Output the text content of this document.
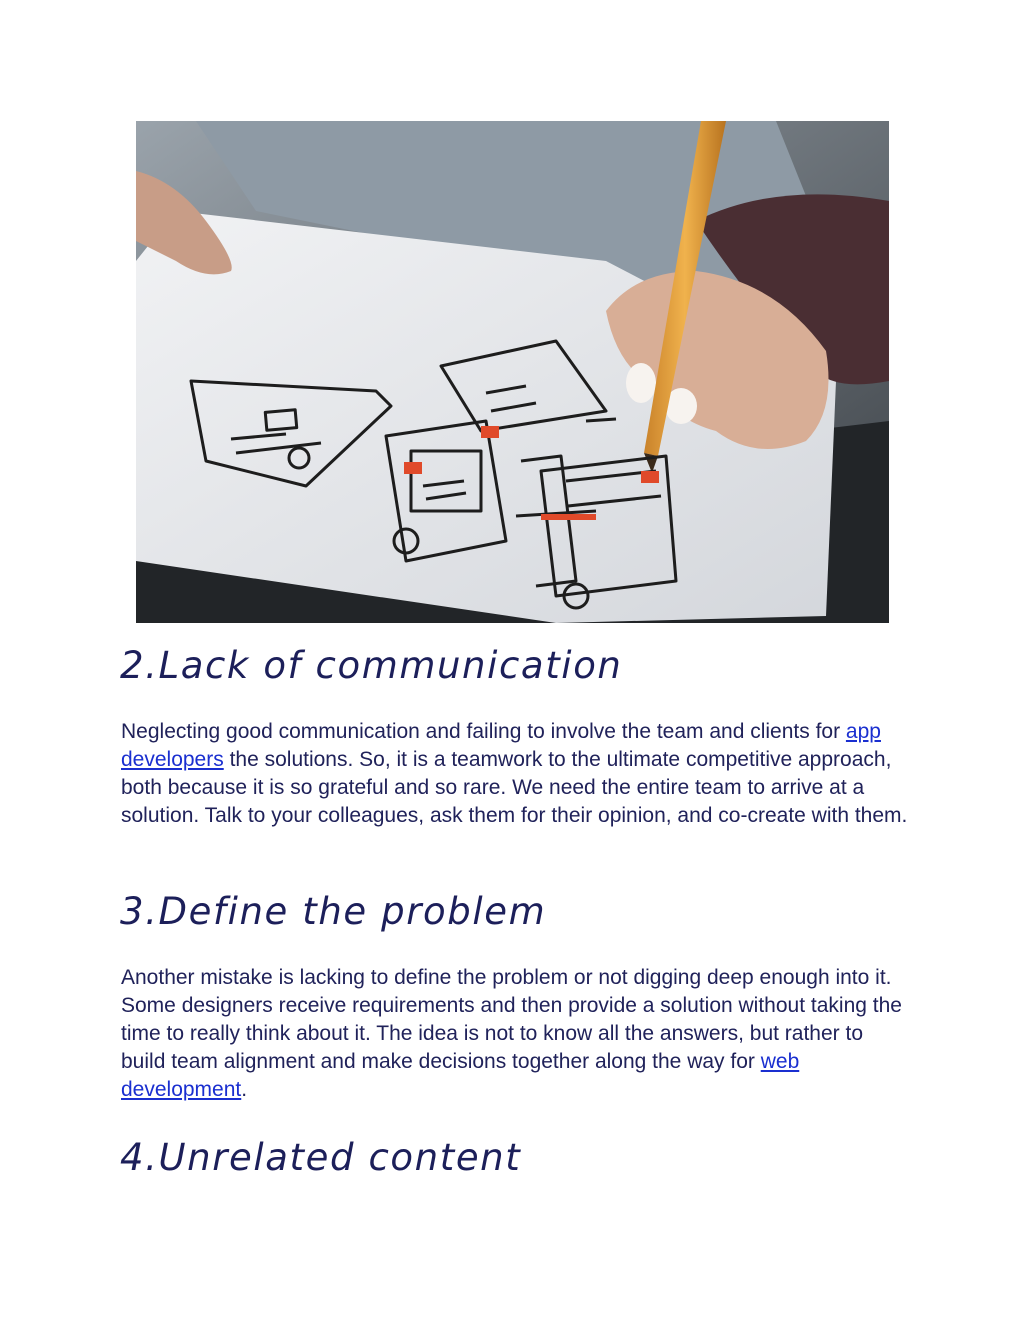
2.Lack of communication

Neglecting good communication and failing to involve the team and clients for app developers the solutions. So, it is a teamwork to the ultimate competitive approach, both because it is so grateful and so rare. We need the entire team to arrive at a solution. Talk to your colleagues, ask them for their opinion, and co-create with them.

3.Define the problem

Another mistake is lacking to define the problem or not digging deep enough into it. Some designers receive requirements and then provide a solution without taking the time to really think about it. The idea is not to know all the answers, but rather to build team alignment and make decisions together along the way for web development.

4.Unrelated content
